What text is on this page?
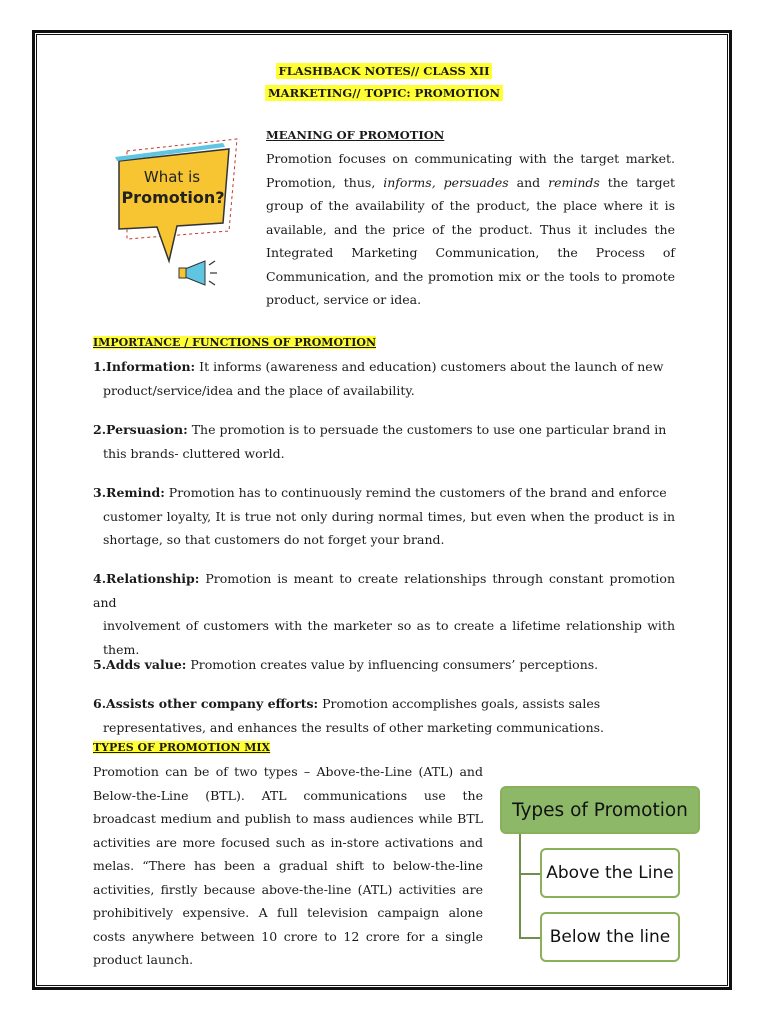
FLASHBACK NOTES// CLASS XII
MARKETING// TOPIC: PROMOTION
What is
Promotion?
MEANING OF PROMOTION
Promotion focuses on communicating with the target market. Promotion, thus, informs, persuades and reminds the target group of the availability of the product, the place where it is available, and the price of the product. Thus it includes the Integrated Marketing Communication, the Process of Communication, and the promotion mix or the tools to promote product, service or idea.
IMPORTANCE / FUNCTIONS OF PROMOTION
1.Information: It informs (awareness and education) customers about the launch of new
product/service/idea and the place of availability.
2.Persuasion: The promotion is to persuade the customers to use one particular brand in
this brands- cluttered world.
3.Remind: Promotion has to continuously remind the customers of the brand and enforce
customer loyalty, It is true not only during normal times, but even when the product is in shortage, so that customers do not forget your brand.
4.Relationship: Promotion is meant to create relationships through constant promotion and
involvement of customers with the marketer so as to create a lifetime relationship with them.
5.Adds value: Promotion creates value by influencing consumers’ perceptions.
6.Assists other company efforts: Promotion accomplishes goals, assists sales
representatives, and enhances the results of other marketing communications.
TYPES OF PROMOTION MIX
Promotion can be of two types – Above-the-Line (ATL) and Below-the-Line (BTL). ATL communications use the broadcast medium and publish to mass audiences while BTL activities are more focused such as in-store activations and melas. “There has been a gradual shift to below-the-line activities, firstly because above-the-line (ATL) activities are prohibitively expensive. A full television campaign alone costs anywhere between 10 crore to 12 crore for a single product launch.
Types of Promotion
Above the Line
Below the line
